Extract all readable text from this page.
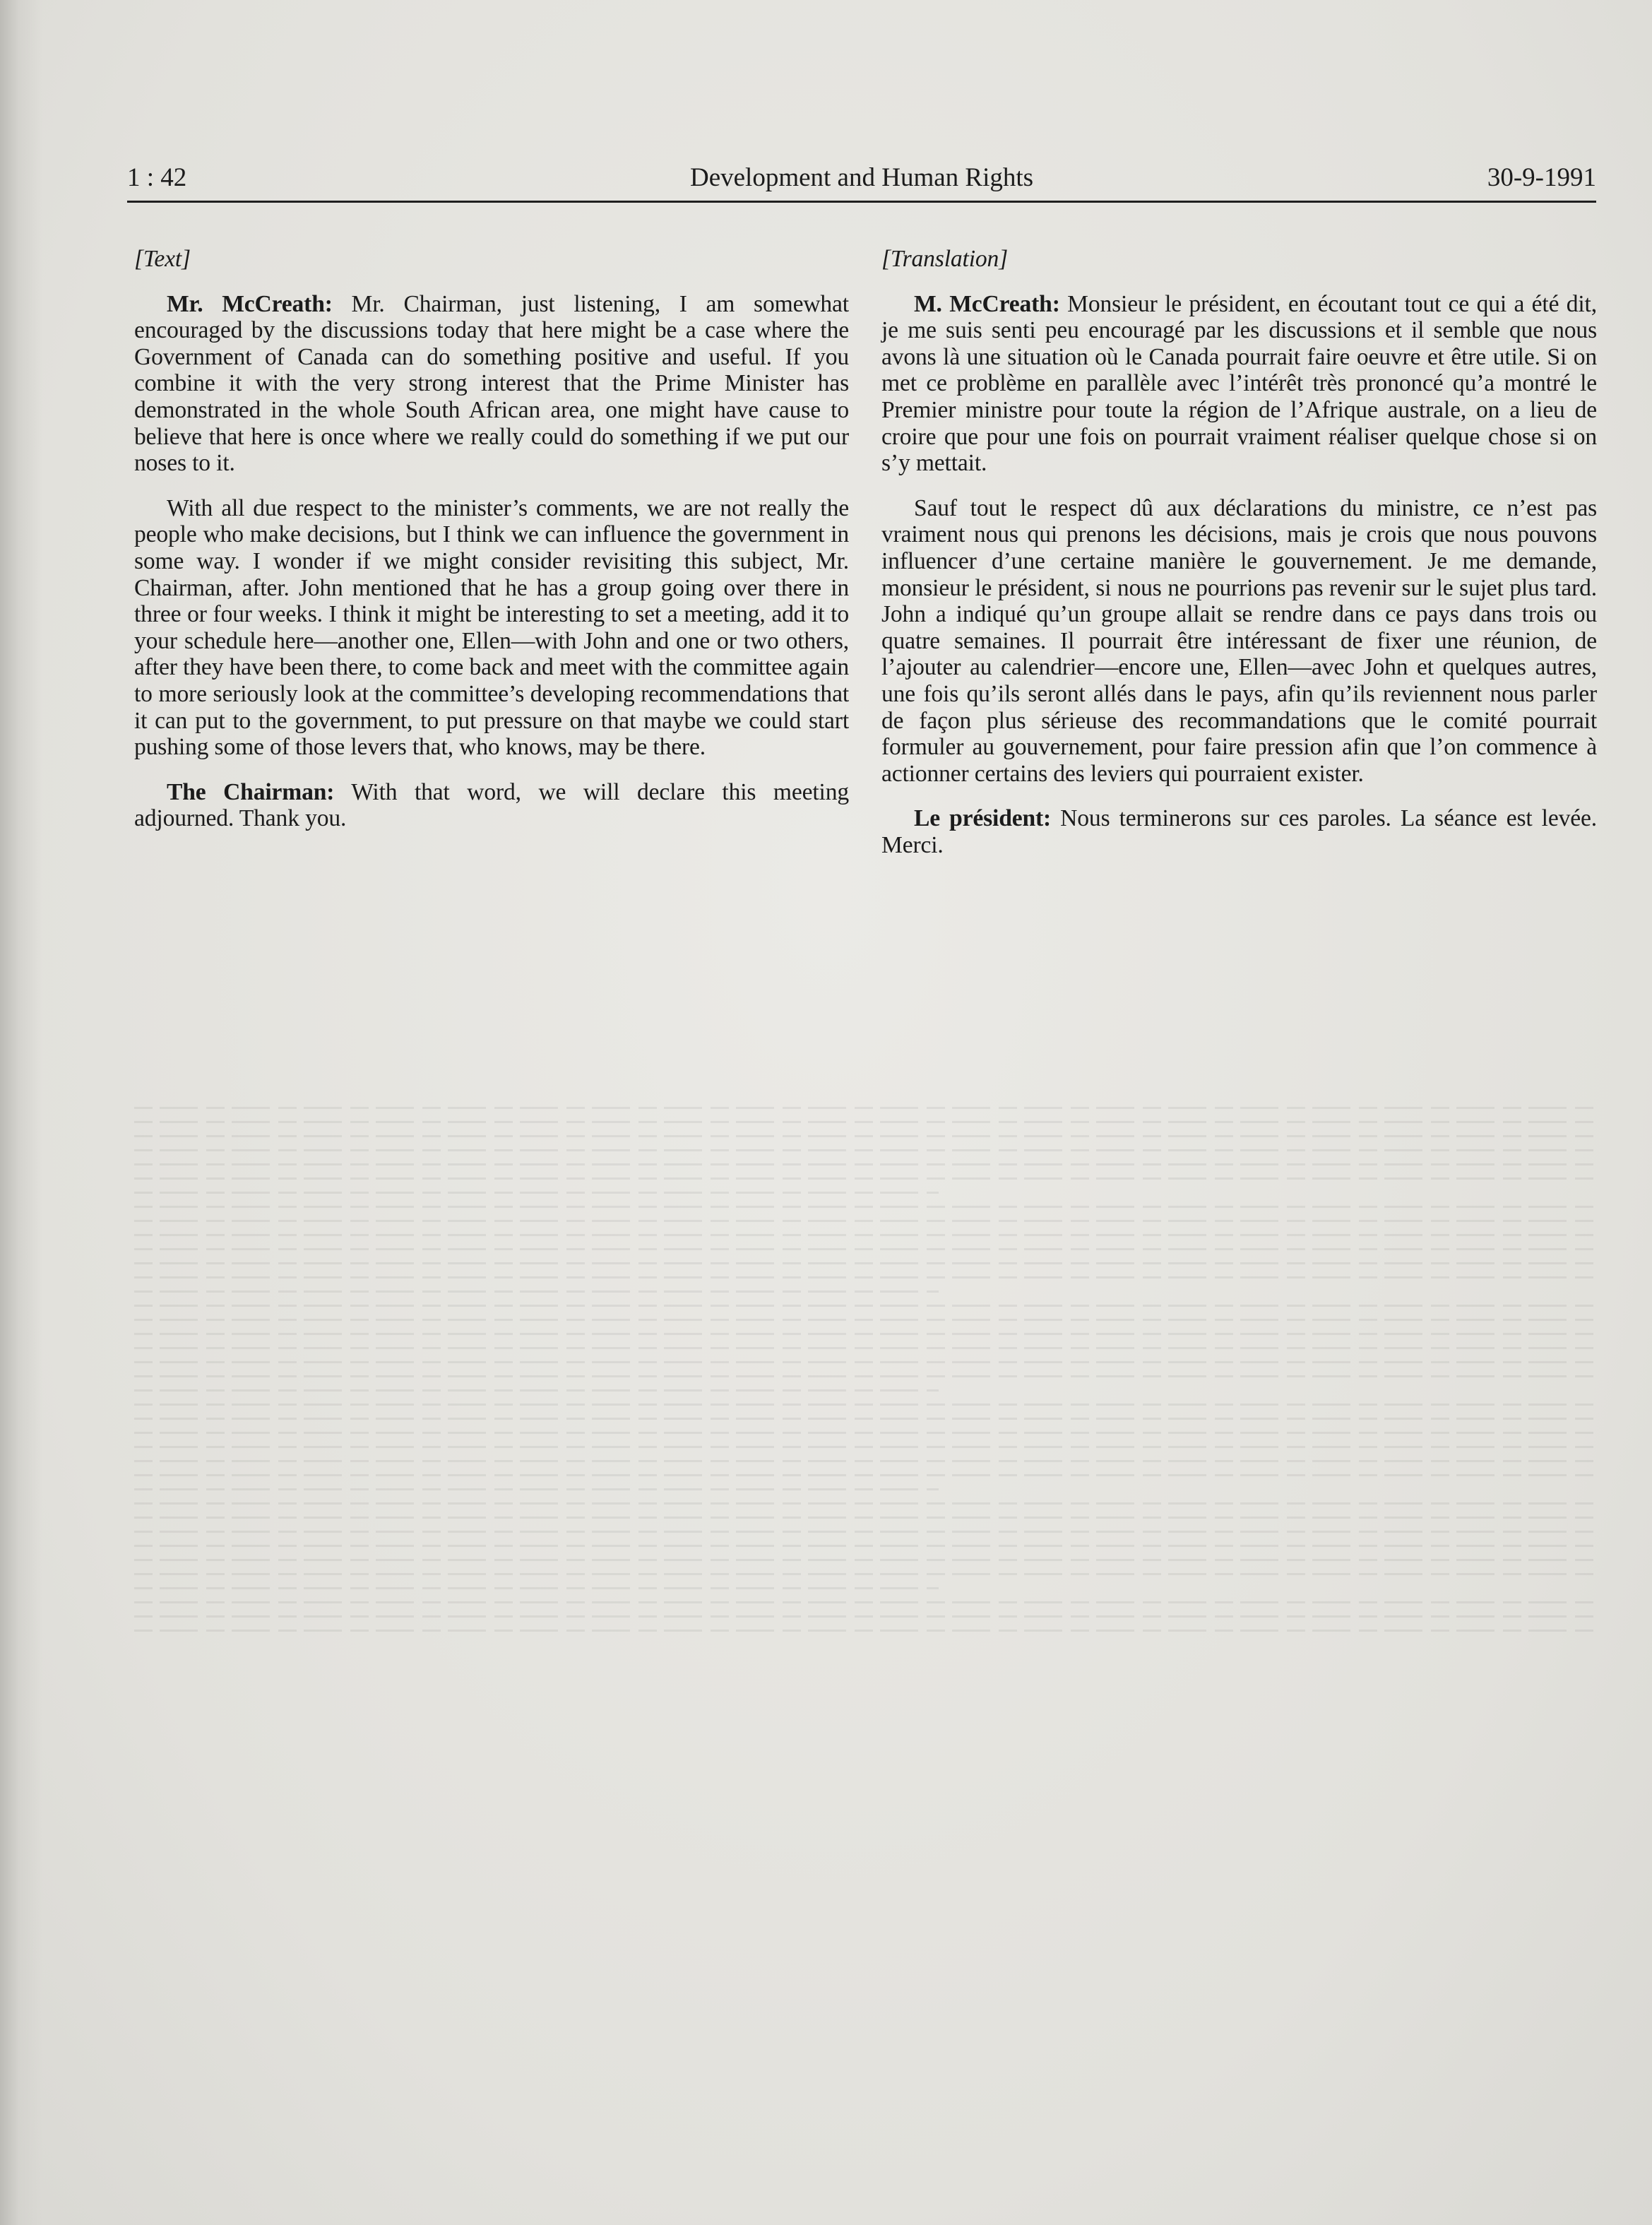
Development and Human Rights
1 : 42	30-9-1991
[Text]

Mr. McCreath: Mr. Chairman, just listening, I am somewhat encouraged by the discussions today that here might be a case where the Government of Canada can do something positive and useful. If you combine it with the very strong interest that the Prime Minister has demonstrated in the whole South African area, one might have cause to believe that here is once where we really could do something if we put our noses to it.

With all due respect to the minister’s comments, we are not really the people who make decisions, but I think we can influence the government in some way. I wonder if we might consider revisiting this subject, Mr. Chairman, after. John mentioned that he has a group going over there in three or four weeks. I think it might be interesting to set a meeting, add it to your schedule here—another one, Ellen—with John and one or two others, after they have been there, to come back and meet with the committee again to more seriously look at the committee’s developing recommendations that it can put to the government, to put pressure on that maybe we could start pushing some of those levers that, who knows, may be there.

The Chairman: With that word, we will declare this meeting adjourned. Thank you.

[Translation]

M. McCreath: Monsieur le président, en écoutant tout ce qui a été dit, je me suis senti peu encouragé par les discussions et il semble que nous avons là une situation où le Canada pourrait faire oeuvre et être utile. Si on met ce problème en parallèle avec l’intérêt très prononcé qu’a montré le Premier ministre pour toute la région de l’Afrique australe, on a lieu de croire que pour une fois on pourrait vraiment réaliser quelque chose si on s’y mettait.

Sauf tout le respect dû aux déclarations du ministre, ce n’est pas vraiment nous qui prenons les décisions, mais je crois que nous pouvons influencer d’une certaine manière le gouvernement. Je me demande, monsieur le président, si nous ne pourrions pas revenir sur le sujet plus tard. John a indiqué qu’un groupe allait se rendre dans ce pays dans trois ou quatre semaines. Il pourrait être intéressant de fixer une réunion, de l’ajouter au calendrier—encore une, Ellen—avec John et quelques autres, une fois qu’ils seront allés dans le pays, afin qu’ils reviennent nous parler de façon plus sérieuse des recommandations que le comité pourrait formuler au gouvernement, pour faire pression afin que l’on commence à actionner certains des leviers qui pourraient exister.

Le président: Nous terminerons sur ces paroles. La séance est levée. Merci.
